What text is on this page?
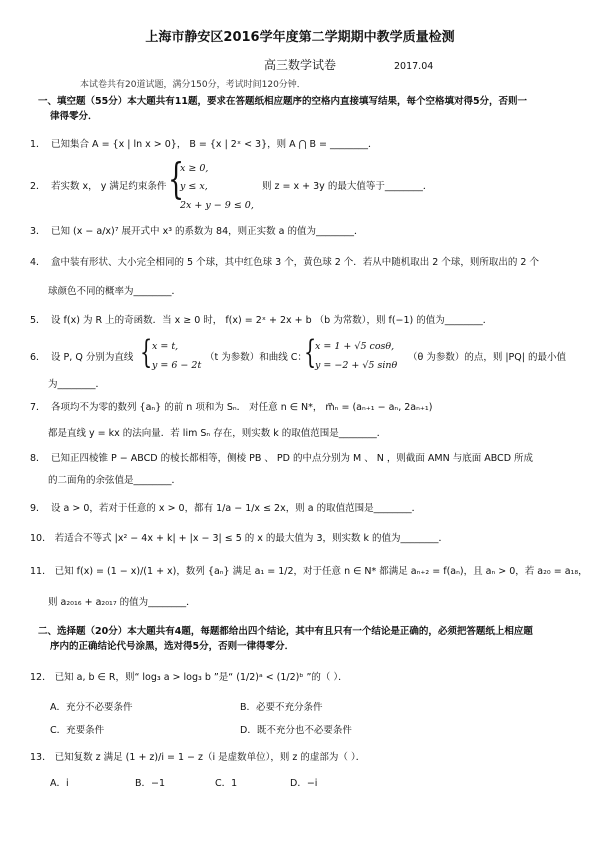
上海市静安区2016学年度第二学期期中教学质量检测
高三数学试卷	2017.04
本试卷共有20道试题，满分150分，考试时间120分钟．
一、填空题（55分）本大题共有11题，要求在答题纸相应题序的空格内直接填写结果，每个空格填对得5分，否则一
律得零分．
1． 已知集合 A = {x | ln x > 0}， B = {x | 2ˣ < 3}，则 A ⋂ B = ________．
2． 若实数 x， y 满足约束条件 {
x ≥ 0,
y ≤ x,
2x + y − 9 ≤ 0,
则 z = x + 3y 的最大值等于________．
3． 已知 (x − a/x)⁷ 展开式中 x³ 的系数为 84，则正实数 a 的值为________．
4． 盒中装有形状、大小完全相同的 5 个球，其中红色球 3 个，黄色球 2 个．若从中随机取出 2 个球，则所取出的 2 个
球颜色不同的概率为________．
5． 设 f(x) 为 R 上的奇函数．当 x ≥ 0 时， f(x) = 2ˣ + 2x + b （b 为常数），则 f(−1) 的值为________．
6． 设 P, Q 分别为直线 { x = t,
y = 6 − 2t
（t 为参数）和曲线 C：
{
x = 1 + √5 cosθ,
y = −2 + √5 sinθ
（θ 为参数）的点，则 |PQ| 的最小值
为________．
7． 各项均不为零的数列 {aₙ} 的前 n 项和为 Sₙ． 对任意 n ∈ N*， m⃗ₙ = (aₙ₊₁ − aₙ, 2aₙ₊₁)
都是直线 y = kx 的法向量．若 lim Sₙ 存在，则实数 k 的取值范围是________．
8． 已知正四棱锥 P − ABCD 的棱长都相等，侧棱 PB 、 PD 的中点分别为 M 、 N ，则截面 AMN 与底面 ABCD 所成
的二面角的余弦值是________．
9． 设 a > 0，若对于任意的 x > 0，都有 1/a − 1/x ≤ 2x，则 a 的取值范围是________．
10． 若适合不等式 |x² − 4x + k| + |x − 3| ≤ 5 的 x 的最大值为 3，则实数 k 的值为________．
11． 已知 f(x) = (1 − x)/(1 + x)，数列 {aₙ} 满足 a₁ = 1/2，对于任意 n ∈ N* 都满足 aₙ₊₂ = f(aₙ)，且 aₙ > 0，若 a₂₀ = a₁₈，
则 a₂₀₁₆ + a₂₀₁₇ 的值为________．
二、选择题（20分）本大题共有4题，每题都给出四个结论，其中有且只有一个结论是正确的，必须把答题纸上相应题
序内的正确结论代号涂黑，选对得5分，否则一律得零分．
12． 已知 a, b ∈ R，则“ log₃ a > log₃ b ”是“ (1/2)ᵃ < (1/2)ᵇ ”的（ ）．
A．充分不必要条件	B．必要不充分条件
C．充要条件	D．既不充分也不必要条件
13． 已知复数 z 满足 (1 + z)/i = 1 − z（i 是虚数单位），则 z 的虚部为（ ）．
A．i	B．−1	C．1	D．−i
